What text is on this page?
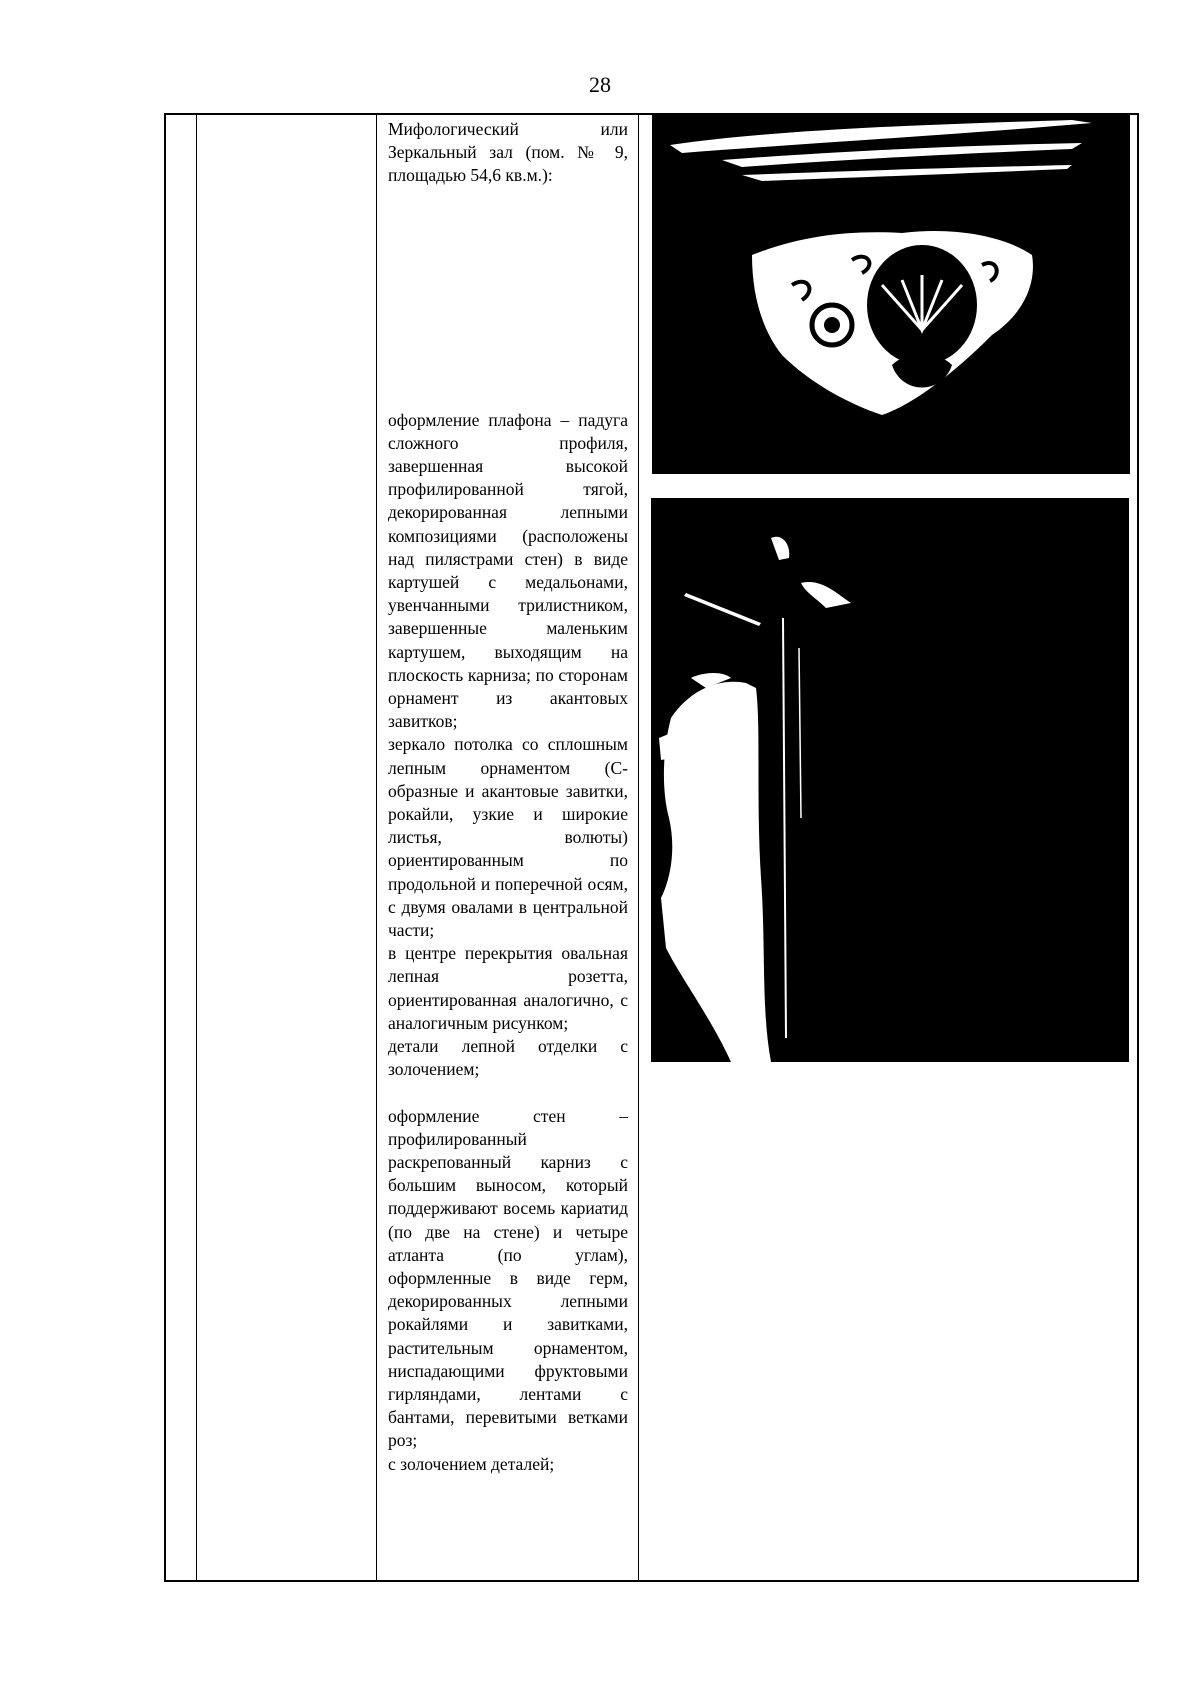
28

Мифологический или Зеркальный зал (пом. № 9, площадью 54,6 кв.м.):

оформление плафона – падуга сложного профиля, завершенная высокой профилированной тягой, декорированная лепными композициями (расположены над пилястрами стен) в виде картушей с медальонами, увенчанными трилистником, завершенные маленьким картушем, выходящим на плоскость карниза; по сторонам орнамент из акантовых завитков;

зеркало потолка со сплошным лепным орнаментом (С-образные и акантовые завитки, рокайли, узкие и широкие листья, волюты) ориентированным по продольной и поперечной осям, с двумя овалами в центральной части;

в центре перекрытия овальная лепная розетта, ориентированная аналогично, с аналогичным рисунком;

детали лепной отделки с золочением;

оформление стен – профилированный раскрепованный карниз с большим выносом, который поддерживают восемь кариатид (по две на стене) и четыре атланта (по углам), оформленные в виде герм, декорированных лепными рокайлями и завитками, растительным орнаментом, ниспадающими фруктовыми гирляндами, лентами с бантами, перевитыми ветками роз;

с золочением деталей;
